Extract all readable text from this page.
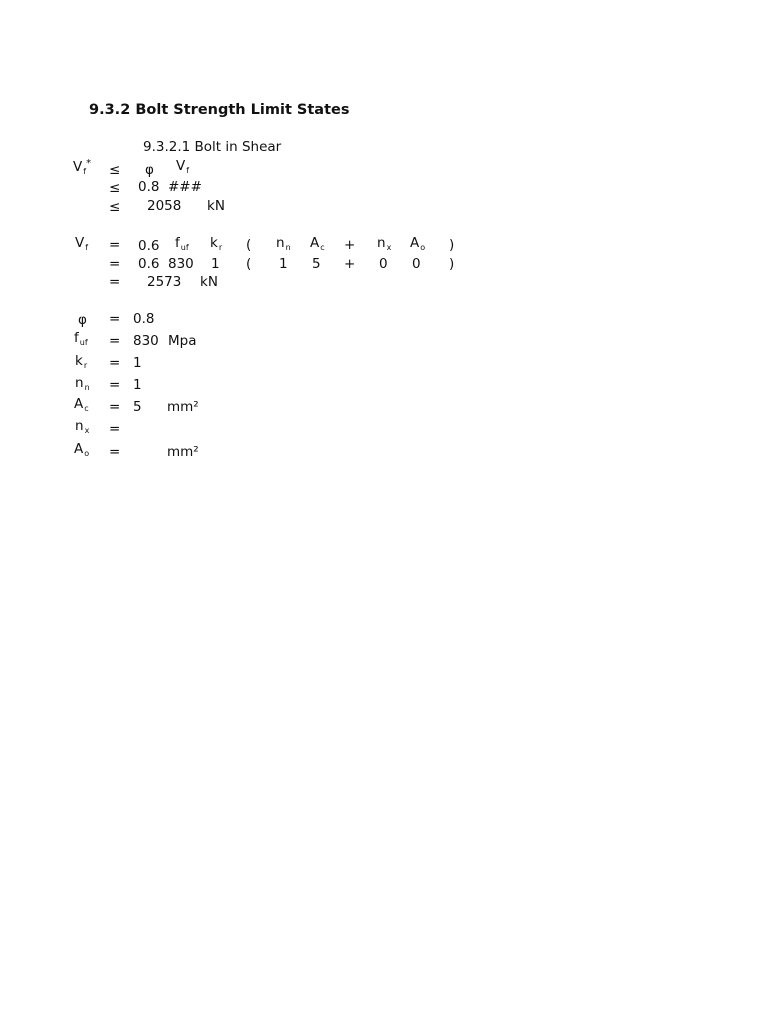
9.3.2 Bolt Strength Limit States
9.3.2.1 Bolt in Shear
$V_f^* \le \varphi$ $V_f$
≤ 0.8 ###
≤ 2058 kN
$V_f = 0.6$ $f_{uf}$ $k_r$ ( $n_n$ $A_c + n_x$ $A_o$ )
= 0.6 830 1 ( 1 5 + 0 0 )
= 2573 kN
φ = 0.8
$f_{uf} = 830$ Mpa
$k_r = 1$
$n_n = 1$
$A_c = 5$ mm²
$n_x$ =
$A_o$ =	mm²
